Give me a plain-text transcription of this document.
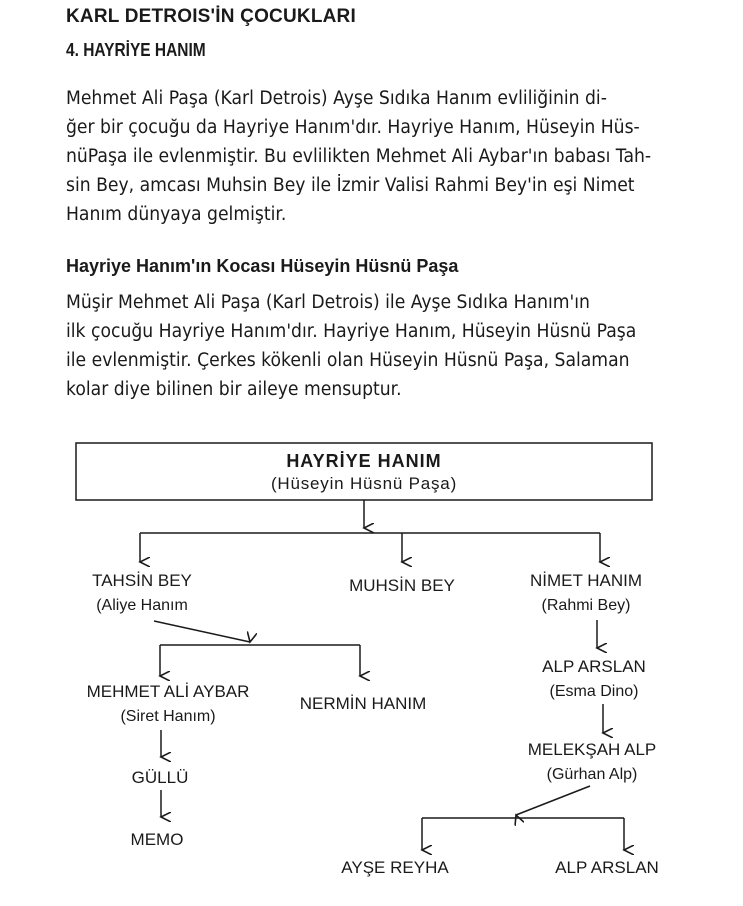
KARL DETROIS'İN ÇOCUKLARI
4. HAYRİYE HANIM
Mehmet Ali Paşa (Karl Detrois) Ayşe Sıdıka Hanım evliliğinin di-
ğer bir çocuğu da Hayriye Hanım'dır. Hayriye Hanım, Hüseyin Hüs-
nüPaşa ile evlenmiştir. Bu evlilikten Mehmet Ali Aybar'ın babası Tah-
sin Bey, amcası Muhsin Bey ile İzmir Valisi Rahmi Bey'in eşi Nimet
Hanım dünyaya gelmiştir.
Hayriye Hanım'ın Kocası Hüseyin Hüsnü Paşa
Müşir Mehmet Ali Paşa (Karl Detrois) ile Ayşe Sıdıka Hanım'ın
ilk çocuğu Hayriye Hanım'dır. Hayriye Hanım, Hüseyin Hüsnü Paşa
ile evlenmiştir. Çerkes kökenli olan Hüseyin Hüsnü Paşa, Salaman
kolar diye bilinen bir aileye mensuptur.
HAYRİYE HANIM
(Hüseyin Hüsnü Paşa)
TAHSİN BEY
(Aliye Hanım
MUHSİN BEY	NİMET HANIM
(Rahmi Bey)
MEHMET ALİ AYBAR
(Siret Hanım)
NERMİN HANIM
GÜLLÜ
MEMO
ALP ARSLAN
(Esma Dino)
MELEKŞAH ALP
(Gürhan Alp)
AYŞE REYHA	ALP ARSLAN
